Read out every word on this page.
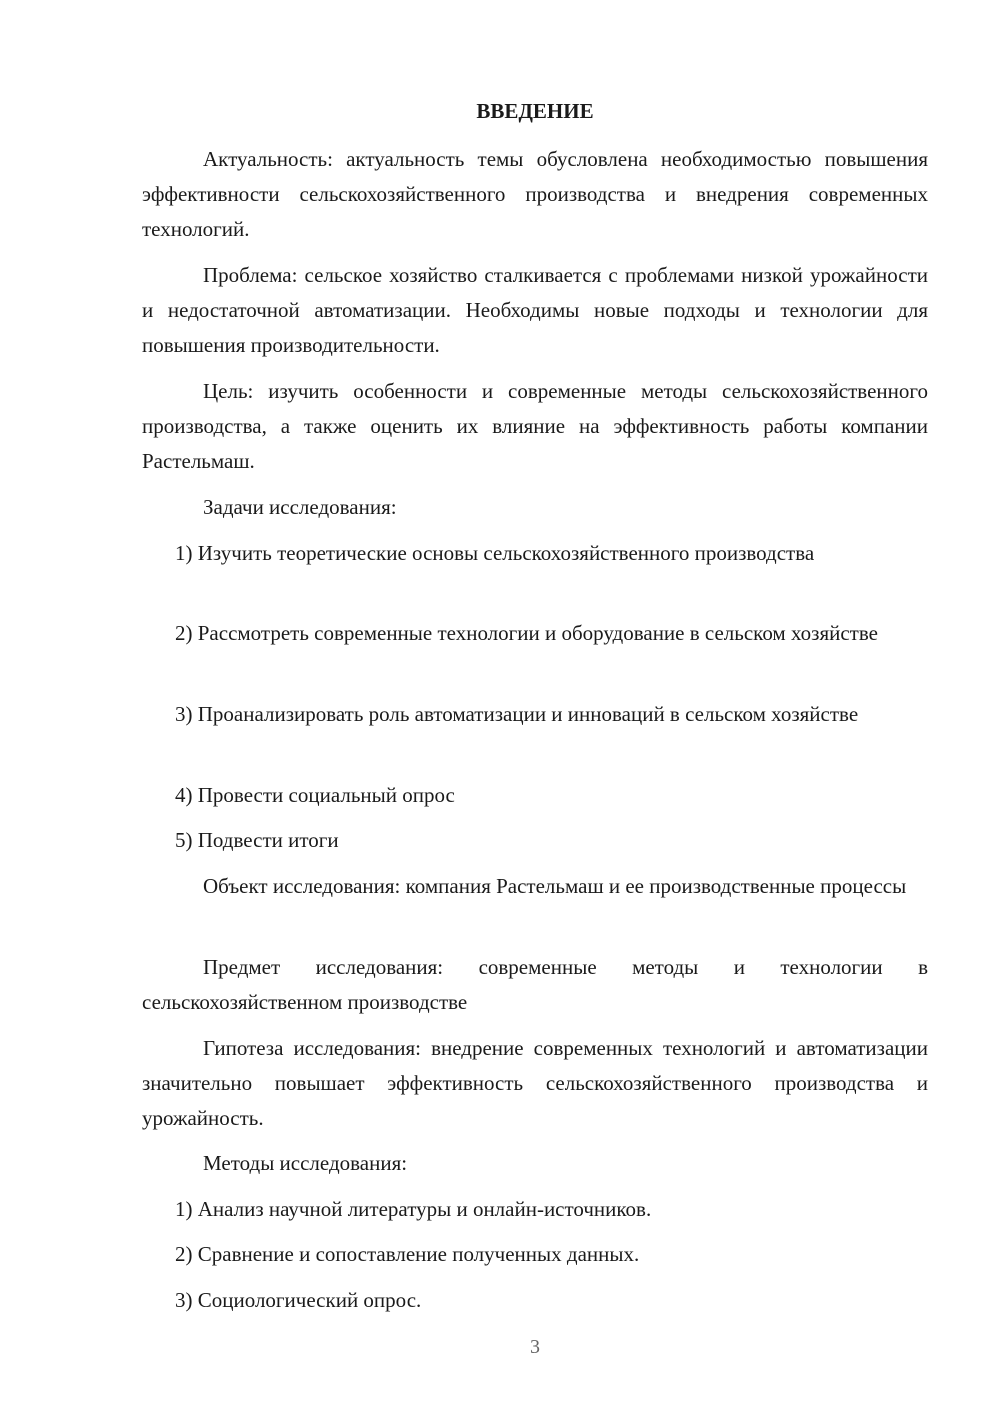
ВВЕДЕНИЕ

Актуальность: актуальность темы обусловлена необходимостью повышения эффективности сельскохозяйственного производства и внедрения современных технологий.

Проблема: сельское хозяйство сталкивается с проблемами низкой урожайности и недостаточной автоматизации. Необходимы новые подходы и технологии для повышения производительности.

Цель: изучить особенности и современные методы сельскохозяйственного производства, а также оценить их влияние на эффективность работы компании Растельмаш.

Задачи исследования:

1) Изучить теоретические основы сельскохозяйственного производства

2) Рассмотреть современные технологии и оборудование в сельском хозяйстве

3) Проанализировать роль автоматизации и инноваций в сельском хозяйстве

4) Провести социальный опрос

5) Подвести итоги

Объект исследования: компания Растельмаш и ее производственные процессы

Предмет исследования: современные методы и технологии в сельскохозяйственном производстве

Гипотеза исследования: внедрение современных технологий и автоматизации значительно повышает эффективность сельскохозяйственного производства и урожайность.

Методы исследования:

1) Анализ научной литературы и онлайн-источников.

2) Сравнение и сопоставление полученных данных.

3) Социологический опрос.

3
